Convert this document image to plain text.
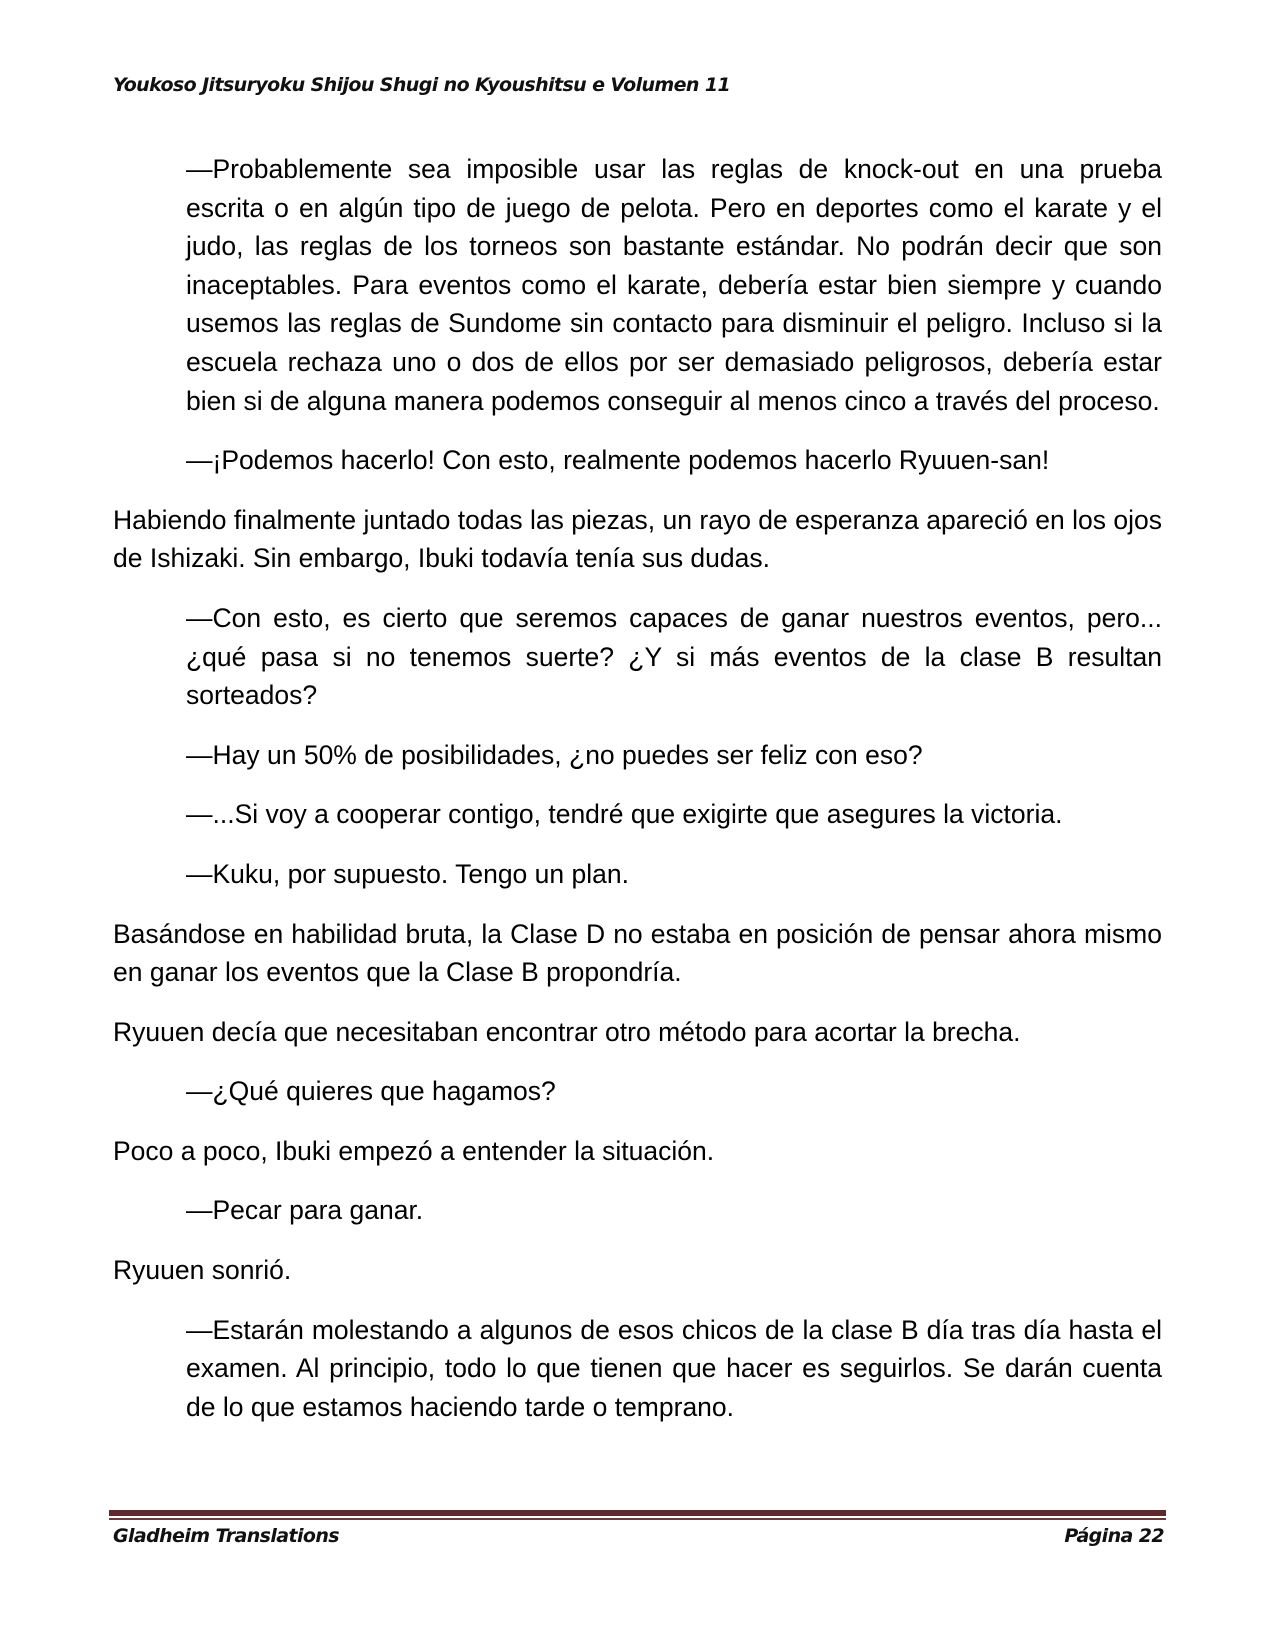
Youkoso Jitsuryoku Shijou Shugi no Kyoushitsu e Volumen 11

—Probablemente sea imposible usar las reglas de knock-out en una prueba escrita o en algún tipo de juego de pelota. Pero en deportes como el karate y el judo, las reglas de los torneos son bastante estándar. No podrán decir que son inaceptables. Para eventos como el karate, debería estar bien siempre y cuando usemos las reglas de Sundome sin contacto para disminuir el peligro. Incluso si la escuela rechaza uno o dos de ellos por ser demasiado peligrosos, debería estar bien si de alguna manera podemos conseguir al menos cinco a través del proceso.

—¡Podemos hacerlo! Con esto, realmente podemos hacerlo Ryuuen-san!

Habiendo finalmente juntado todas las piezas, un rayo de esperanza apareció en los ojos de Ishizaki. Sin embargo, Ibuki todavía tenía sus dudas.

—Con esto, es cierto que seremos capaces de ganar nuestros eventos, pero... ¿qué pasa si no tenemos suerte? ¿Y si más eventos de la clase B resultan sorteados?

—Hay un 50% de posibilidades, ¿no puedes ser feliz con eso?

—...Si voy a cooperar contigo, tendré que exigirte que asegures la victoria.

—Kuku, por supuesto. Tengo un plan.

Basándose en habilidad bruta, la Clase D no estaba en posición de pensar ahora mismo en ganar los eventos que la Clase B propondría.

Ryuuen decía que necesitaban encontrar otro método para acortar la brecha.

—¿Qué quieres que hagamos?

Poco a poco, Ibuki empezó a entender la situación.

—Pecar para ganar.

Ryuuen sonrió.

—Estarán molestando a algunos de esos chicos de la clase B día tras día hasta el examen. Al principio, todo lo que tienen que hacer es seguirlos. Se darán cuenta de lo que estamos haciendo tarde o temprano.

Gladheim Translations	Página 22
